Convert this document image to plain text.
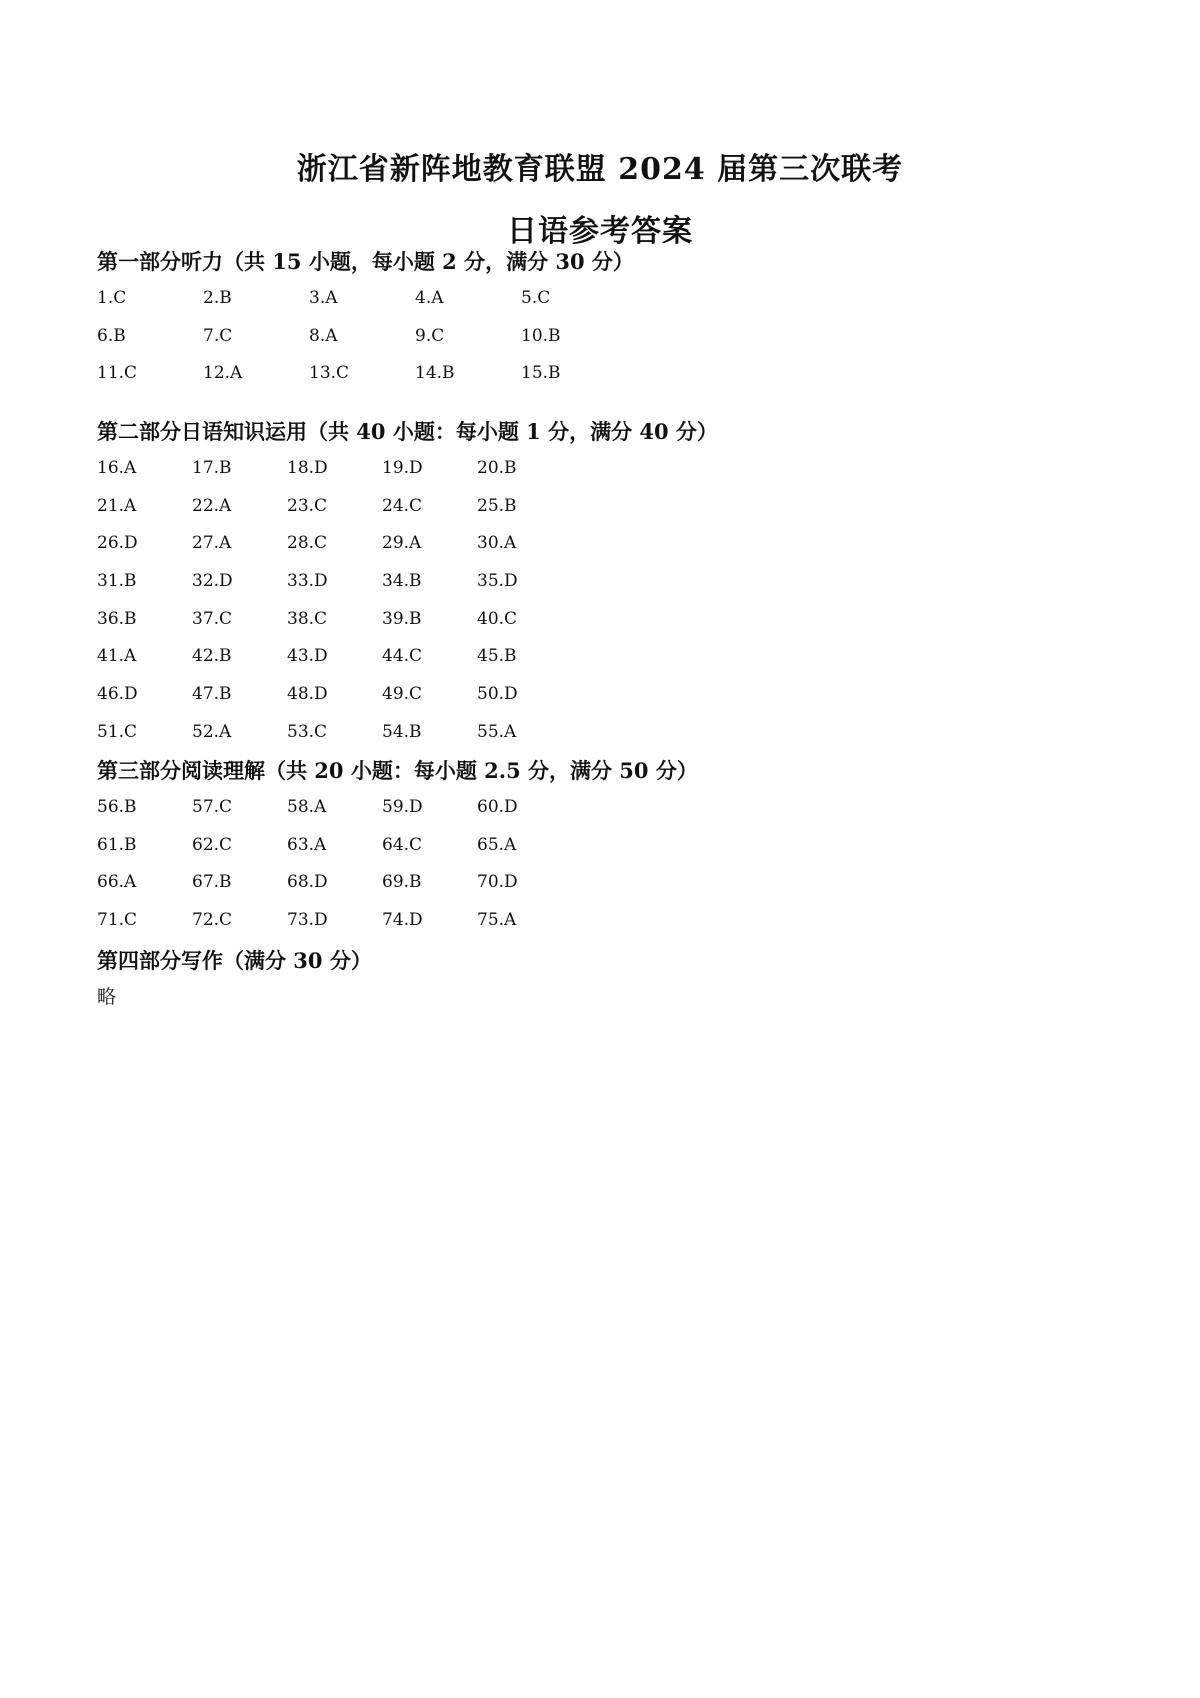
浙江省新阵地教育联盟 2024 届第三次联考
日语参考答案
第一部分听力（共 15 小题，每小题 2 分，满分 30 分）
1.C	2.B	3.A	4.A	5.C
6.B	7.C	8.A	9.C	10.B
11.C	12.A	13.C	14.B	15.B
第二部分日语知识运用（共 40 小题：每小题 1 分，满分 40 分）
16.A	17.B	18.D	19.D	20.B
21.A	22.A	23.C	24.C	25.B
26.D	27.A	28.C	29.A	30.A
31.B	32.D	33.D	34.B	35.D
36.B	37.C	38.C	39.B	40.C
41.A	42.B	43.D	44.C	45.B
46.D	47.B	48.D	49.C	50.D
51.C	52.A	53.C	54.B	55.A
第三部分阅读理解（共 20 小题：每小题 2.5 分，满分 50 分）
56.B	57.C	58.A	59.D	60.D
61.B	62.C	63.A	64.C	65.A
66.A	67.B	68.D	69.B	70.D
71.C	72.C	73.D	74.D	75.A
第四部分写作（满分 30 分）
略
